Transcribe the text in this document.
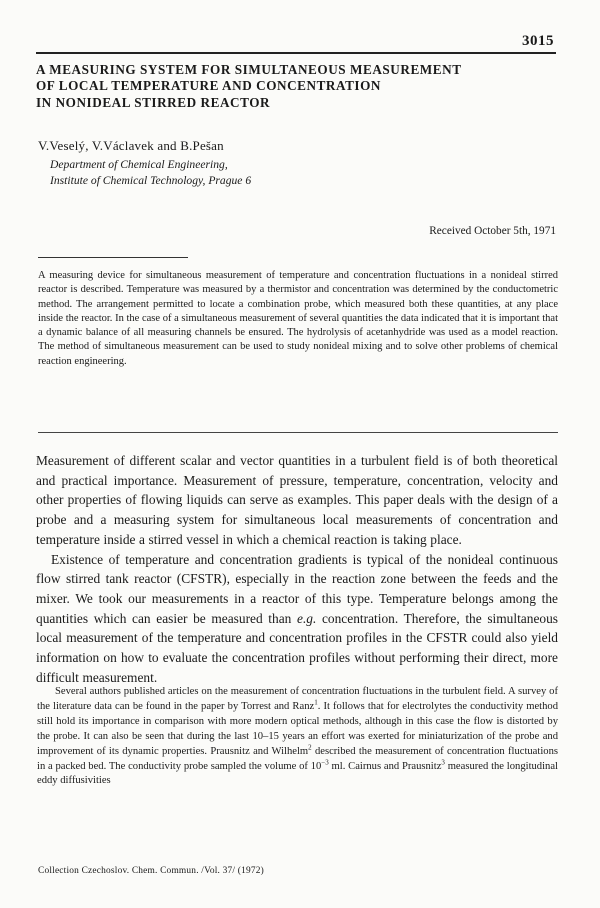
3015
A MEASURING SYSTEM FOR SIMULTANEOUS MEASUREMENT
OF LOCAL TEMPERATURE AND CONCENTRATION
IN NONIDEAL STIRRED REACTOR
V.Veselý, V.Václavek and B.Pešan
Department of Chemical Engineering,
Institute of Chemical Technology, Prague 6
Received October 5th, 1971
A measuring device for simultaneous measurement of temperature and concentration fluctuations in a nonideal stirred reactor is described. Temperature was measured by a thermistor and concentration was determined by the conductometric method. The arrangement permitted to locate a combination probe, which measured both these quantities, at any place inside the reactor. In the case of a simultaneous measurement of several quantities the data indicated that it is important that a dynamic balance of all measuring channels be ensured. The hydrolysis of acetanhydride was used as a model reaction. The method of simultaneous measurement can be used to study nonideal mixing and to solve other problems of chemical reaction engineering.

Measurement of different scalar and vector quantities in a turbulent field is of both theoretical and practical importance. Measurement of pressure, temperature, concentration, velocity and other properties of flowing liquids can serve as examples. This paper deals with the design of a probe and a measuring system for simultaneous local measurements of concentration and temperature inside a stirred vessel in which a chemical reaction is taking place.

Existence of temperature and concentration gradients is typical of the nonideal continuous flow stirred tank reactor (CFSTR), especially in the reaction zone between the feeds and the mixer. We took our measurements in a reactor of this type. Temperature belongs among the quantities which can easier be measured than e.g. concentration. Therefore, the simultaneous local measurement of the temperature and concentration profiles in the CFSTR could also yield information on how to evaluate the concentration profiles without performing their direct, more difficult measurement.

Several authors published articles on the measurement of concentration fluctuations in the turbulent field. A survey of the literature data can be found in the paper by Torrest and Ranz$^1$. It follows that for electrolytes the conductivity method still hold its importance in comparison with more modern optical methods, although in this case the flow is distorted by the probe. It can also be seen that during the last 10–15 years an effort was exerted for miniaturization of the probe and improvement of its dynamic properties. Prausnitz and Wilhelm$^2$ described the measurement of concentration fluctuations in a packed bed. The conductivity probe sampled the volume of $10^{-3}$ ml. Cairnus and Prausnitz$^3$ measured the longitudinal eddy diffusivities

Collection Czechoslov. Chem. Commun. /Vol. 37/ (1972)
